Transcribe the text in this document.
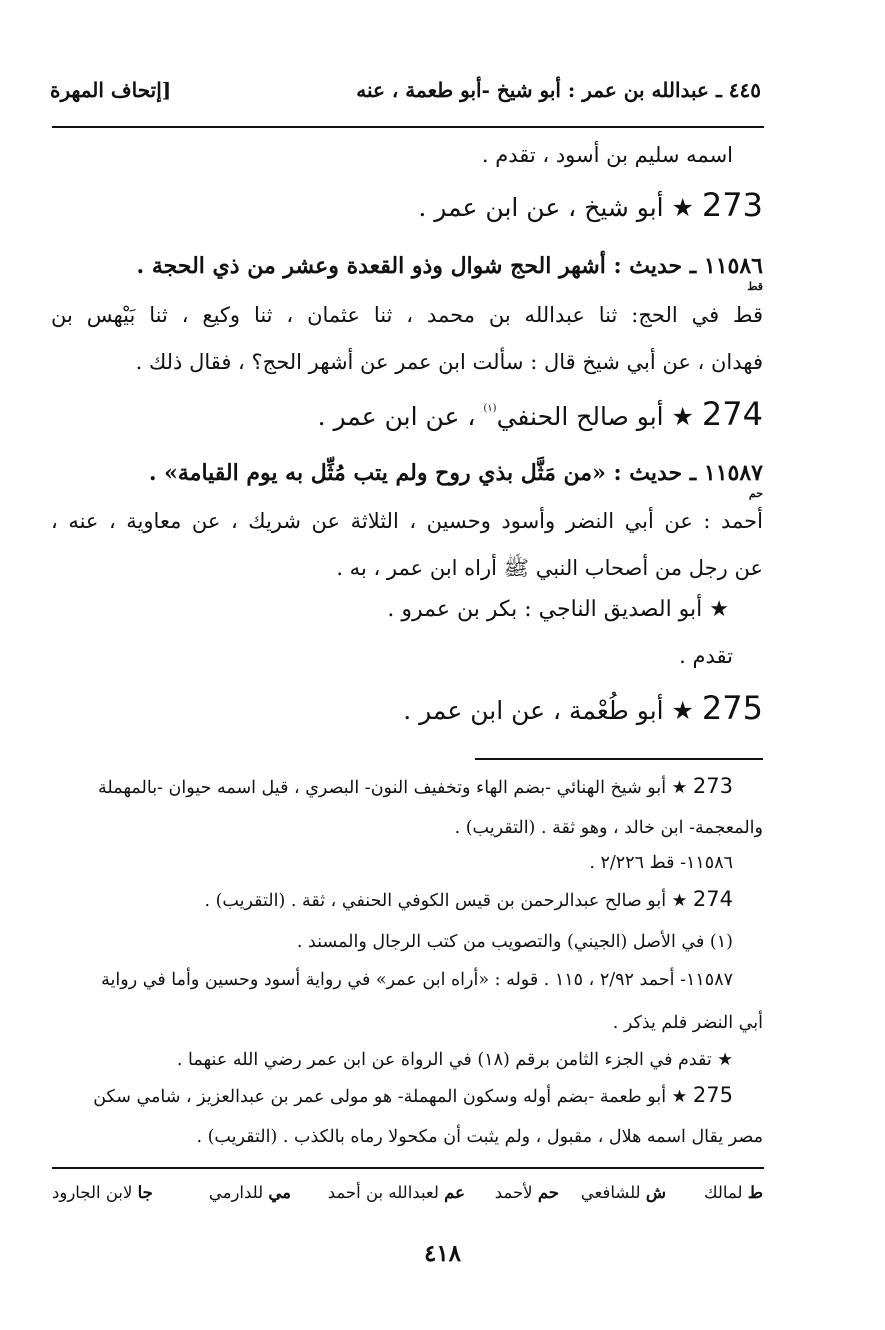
٤٤٥ ـ عبدالله بن عمر : أبو شيخ -أبو طعمة ، عنه
[إتحاف المهرة
اسمه سليم بن أسود ، تقدم .
273 ★ أبو شيخ ، عن ابن عمر .
١١٥٨٦ ـ حديث : أشهر الحج شوال وذو القعدة وعشر من ذي الحجة .
قط
قط في الحج: ثنا عبدالله بن محمد ، ثنا عثمان ، ثنا وكيع ، ثنا بَيْهس بن
فهدان ، عن أبي شيخ قال : سألت ابن عمر عن أشهر الحج؟ ، فقال ذلك .
274 ★ أبو صالح الحنفي$^{(١)}$ ، عن ابن عمر .
١١٥٨٧ ـ حديث : «من مَثَّل بذي روح ولم يتب مُثِّل به يوم القيامة» .
حم
أحمد : عن أبي النضر وأسود وحسين ، الثلاثة عن شريك ، عن معاوية ، عنه ،
عن رجل من أصحاب النبي ﷺ أراه ابن عمر ، به .
★ أبو الصديق الناجي : بكر بن عمرو .
تقدم .
275 ★ أبو طُعْمة ، عن ابن عمر .
273 ★ أبو شيخ الهنائي -بضم الهاء وتخفيف النون- البصري ، قيل اسمه حيوان -بالمهملة
والمعجمة- ابن خالد ، وهو ثقة . (التقريب) .
١١٥٨٦- قط ٢/٢٢٦ .
274 ★ أبو صالح عبدالرحمن بن قيس الكوفي الحنفي ، ثقة . (التقريب) .
(١) في الأصل (الجيني) والتصويب من كتب الرجال والمسند .
١١٥٨٧- أحمد ٢/٩٢ ، ١١٥ . قوله : «أراه ابن عمر» في رواية أسود وحسين وأما في رواية
أبي النضر فلم يذكر .
★ تقدم في الجزء الثامن برقم (١٨) في الرواة عن ابن عمر رضي الله عنهما .
275 ★ أبو طعمة -بضم أوله وسكون المهملة- هو مولى عمر بن عبدالعزيز ، شامي سكن
مصر يقال اسمه هلال ، مقبول ، ولم يثبت أن مكحولا رماه بالكذب . (التقريب) .
ط لمالك
ش للشافعي
حم لأحمد
عم لعبدالله بن أحمد
مي للدارمي
جا لابن الجارود
٤١٨
